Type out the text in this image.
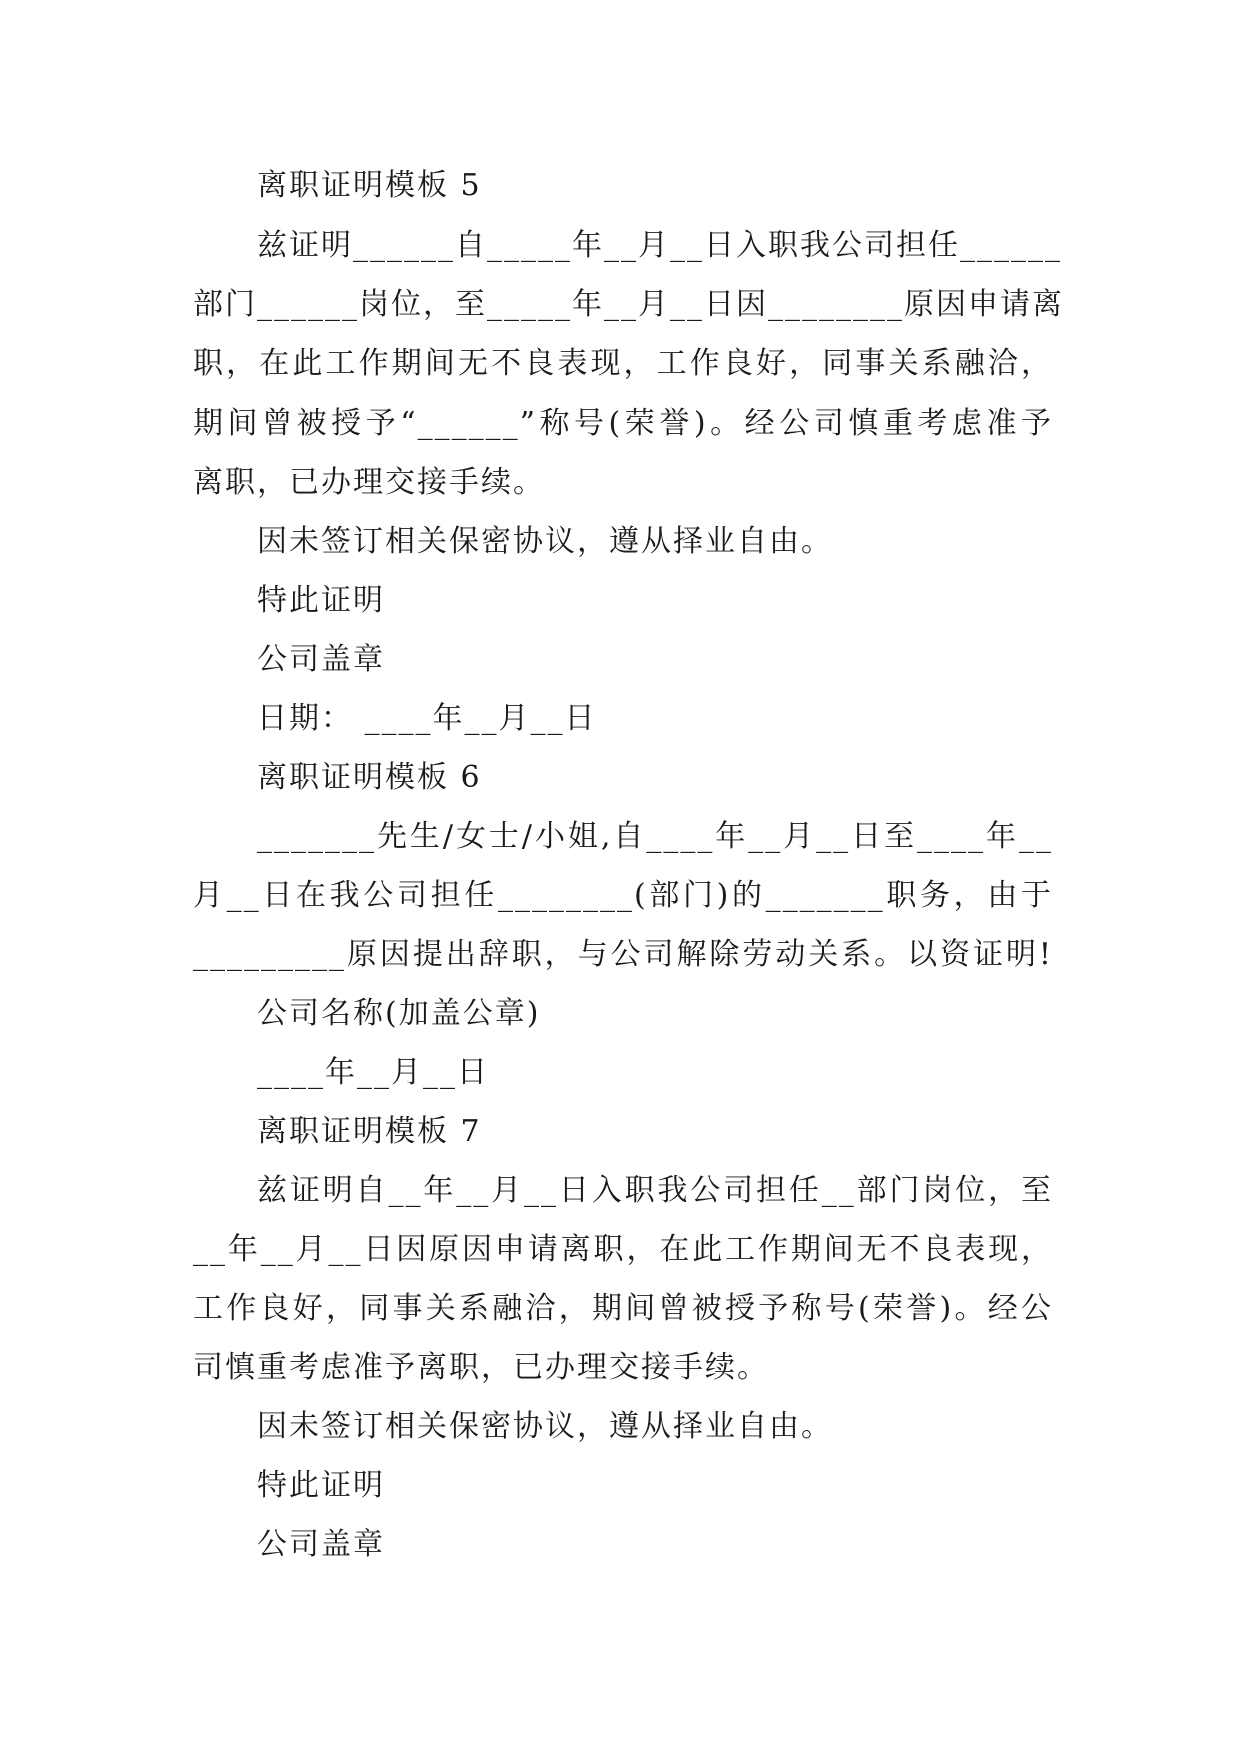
离职证明模板 5
兹证明______自_____年__月__日入职我公司担任______
部门______岗位，至_____年__月__日因________原因申请离
职，在此工作期间无不良表现，工作良好，同事关系融洽，
期间曾被授予“______”称号(荣誉)。经公司慎重考虑准予
离职，已办理交接手续。
因未签订相关保密协议，遵从择业自由。
特此证明
公司盖章
日期： ____年__月__日
离职证明模板 6
_______先生/女士/小姐,自____年__月__日至____年__
月__日在我公司担任________(部门)的_______职务，由于
_________原因提出辞职，与公司解除劳动关系。以资证明!
公司名称(加盖公章)
____年__月__日
离职证明模板 7
兹证明自__年__月__日入职我公司担任__部门岗位，至
__年__月__日因原因申请离职，在此工作期间无不良表现，
工作良好，同事关系融洽，期间曾被授予称号(荣誉)。经公
司慎重考虑准予离职，已办理交接手续。
因未签订相关保密协议，遵从择业自由。
特此证明
公司盖章
